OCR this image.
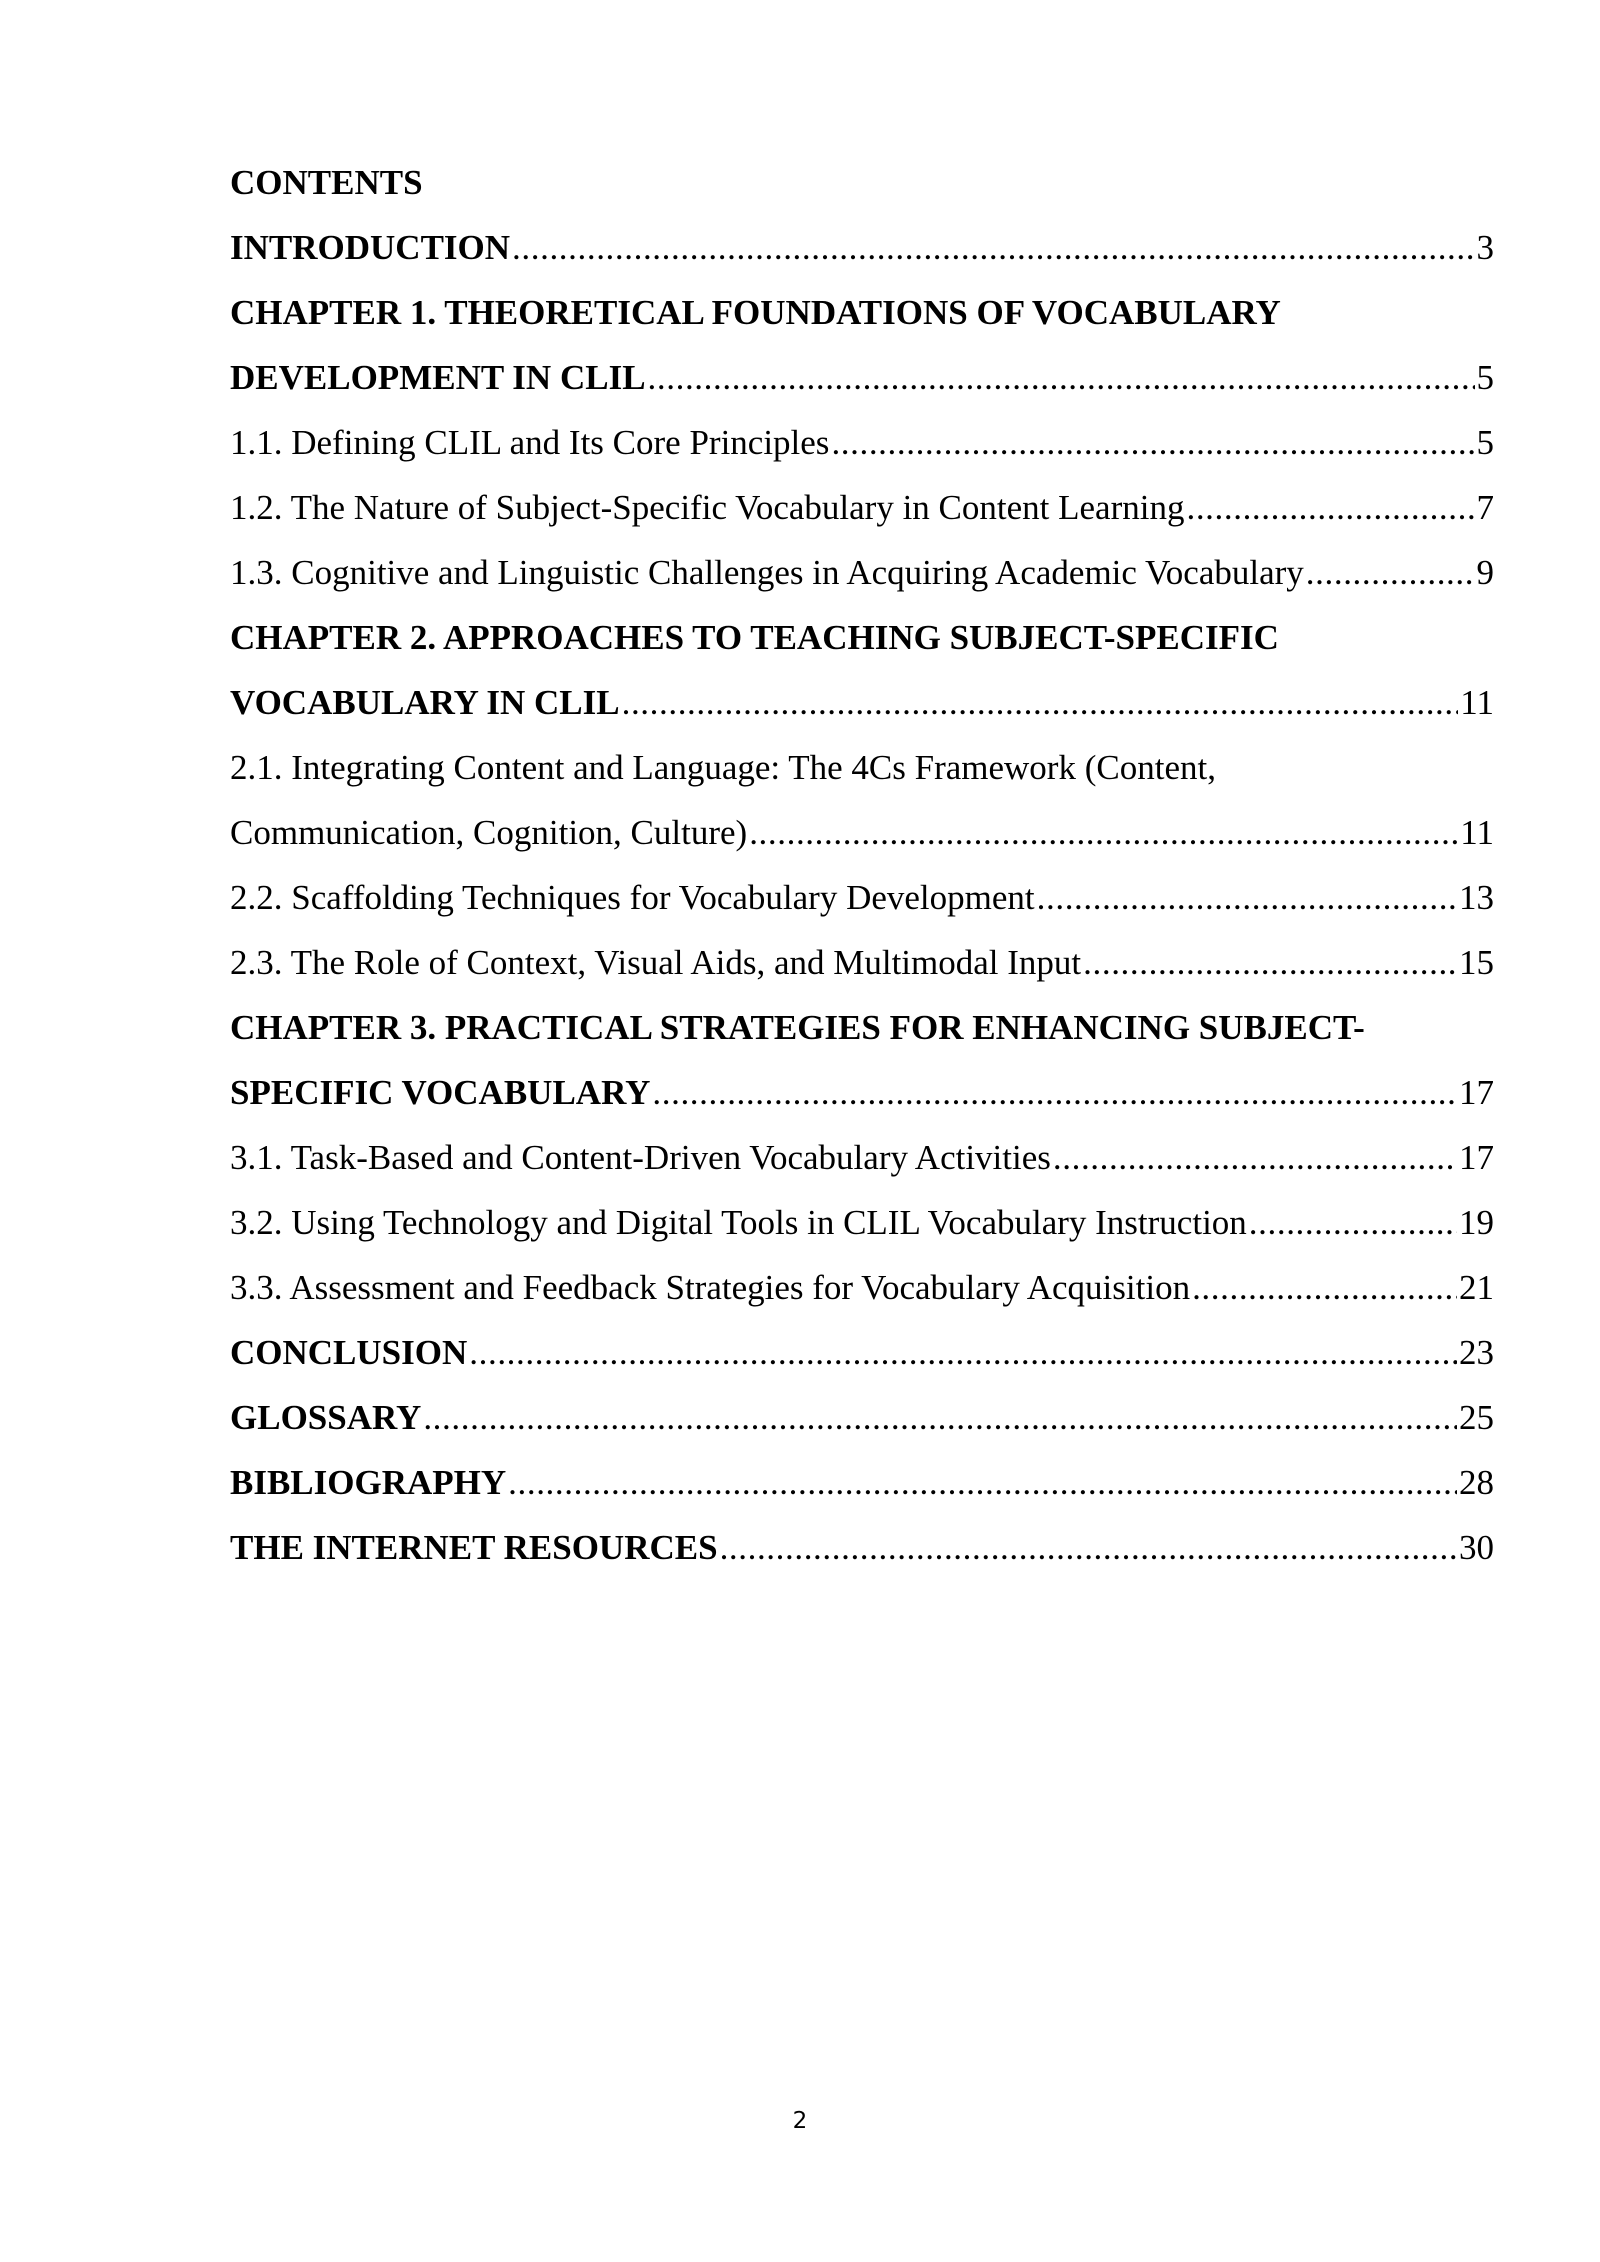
CONTENTS
INTRODUCTION .....	3
CHAPTER 1. THEORETICAL FOUNDATIONS OF VOCABULARY
DEVELOPMENT IN CLIL .....	5
1.1. Defining CLIL and Its Core Principles .....	5
1.2. The Nature of Subject-Specific Vocabulary in Content Learning .....	7
1.3. Cognitive and Linguistic Challenges in Acquiring Academic Vocabulary .....	9
CHAPTER 2. APPROACHES TO TEACHING SUBJECT-SPECIFIC
VOCABULARY IN CLIL .....	11
2.1. Integrating Content and Language: The 4Cs Framework (Content,
Communication, Cognition, Culture) .....	11
2.2. Scaffolding Techniques for Vocabulary Development .....	13
2.3. The Role of Context, Visual Aids, and Multimodal Input .....	15
CHAPTER 3. PRACTICAL STRATEGIES FOR ENHANCING SUBJECT-
SPECIFIC VOCABULARY .....	17
3.1. Task-Based and Content-Driven Vocabulary Activities .....	17
3.2. Using Technology and Digital Tools in CLIL Vocabulary Instruction .....	19
3.3. Assessment and Feedback Strategies for Vocabulary Acquisition .....	21
CONCLUSION .....	23
GLOSSARY .....	25
BIBLIOGRAPHY .....	28
THE INTERNET RESOURCES .....	30
2
